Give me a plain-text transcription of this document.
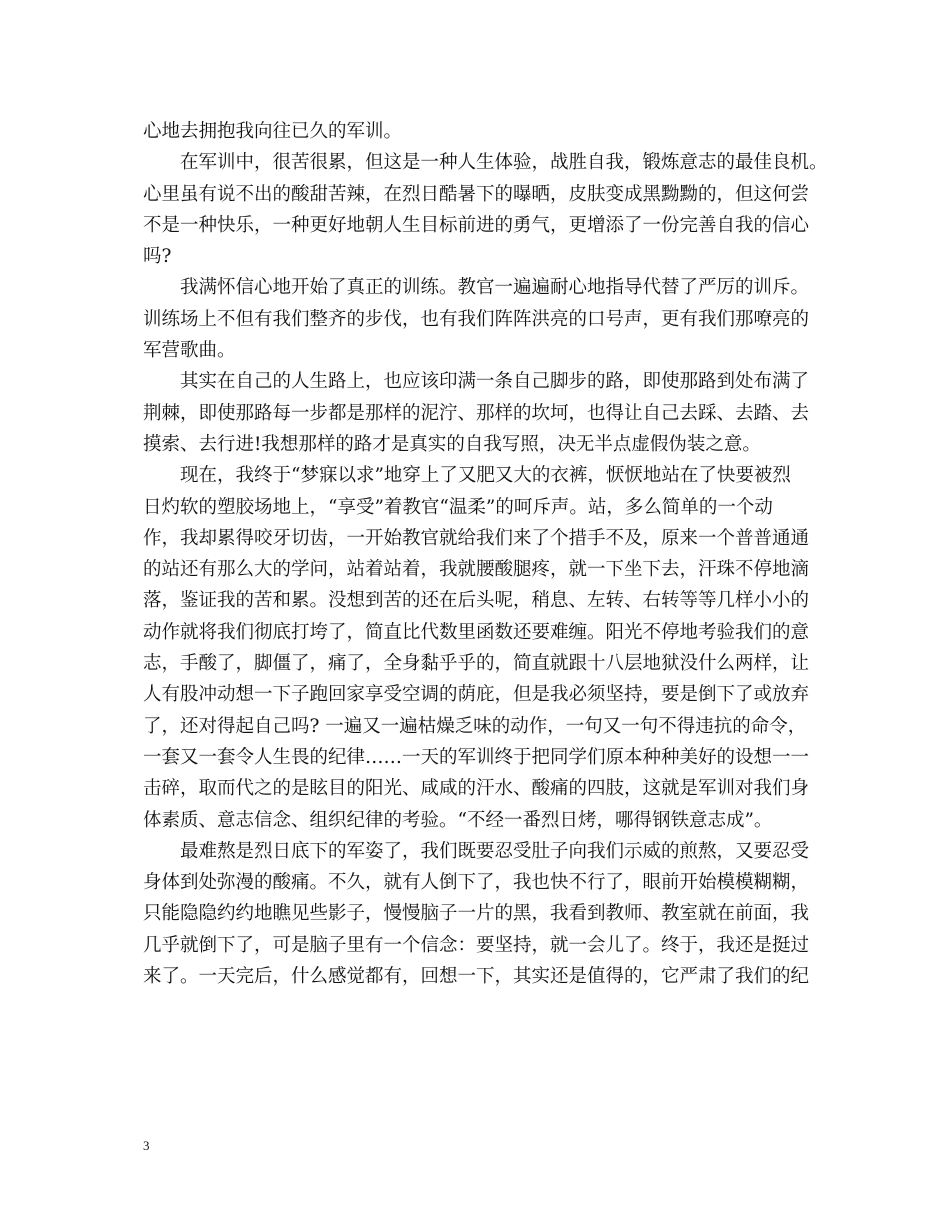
心地去拥抱我向往已久的军训。
在军训中，很苦很累，但这是一种人生体验，战胜自我，锻炼意志的最佳良机。
心里虽有说不出的酸甜苦辣，在烈日酷暑下的曝晒，皮肤变成黑黝黝的，但这何尝
不是一种快乐，一种更好地朝人生目标前进的勇气，更增添了一份完善自我的信心
吗?
我满怀信心地开始了真正的训练。教官一遍遍耐心地指导代替了严厉的训斥。
训练场上不但有我们整齐的步伐，也有我们阵阵洪亮的口号声，更有我们那嘹亮的
军营歌曲。
其实在自己的人生路上，也应该印满一条自己脚步的路，即使那路到处布满了
荆棘，即使那路每一步都是那样的泥泞、那样的坎坷，也得让自己去踩、去踏、去
摸索、去行进!我想那样的路才是真实的自我写照，决无半点虚假伪装之意。
现在，我终于“梦寐以求”地穿上了又肥又大的衣裤，恹恹地站在了快要被烈
日灼软的塑胶场地上，“享受”着教官“温柔”的呵斥声。站，多么简单的一个动
作，我却累得咬牙切齿，一开始教官就给我们来了个措手不及，原来一个普普通通
的站还有那么大的学问，站着站着，我就腰酸腿疼，就一下坐下去，汗珠不停地滴
落，鉴证我的苦和累。没想到苦的还在后头呢，稍息、左转、右转等等几样小小的
动作就将我们彻底打垮了，简直比代数里函数还要难缠。阳光不停地考验我们的意
志，手酸了，脚僵了，痛了，全身黏乎乎的，简直就跟十八层地狱没什么两样，让
人有股冲动想一下子跑回家享受空调的荫庇，但是我必须坚持，要是倒下了或放弃
了，还对得起自己吗? 一遍又一遍枯燥乏味的动作，一句又一句不得违抗的命令，
一套又一套令人生畏的纪律……一天的军训终于把同学们原本种种美好的设想一一
击碎，取而代之的是眩目的阳光、咸咸的汗水、酸痛的四肢，这就是军训对我们身
体素质、意志信念、组织纪律的考验。“不经一番烈日烤，哪得钢铁意志成”。
最难熬是烈日底下的军姿了，我们既要忍受肚子向我们示威的煎熬，又要忍受
身体到处弥漫的酸痛。不久，就有人倒下了，我也快不行了，眼前开始模模糊糊，
只能隐隐约约地瞧见些影子，慢慢脑子一片的黑，我看到教师、教室就在前面，我
几乎就倒下了，可是脑子里有一个信念：要坚持，就一会儿了。终于，我还是挺过
来了。一天完后，什么感觉都有，回想一下，其实还是值得的，它严肃了我们的纪
3
